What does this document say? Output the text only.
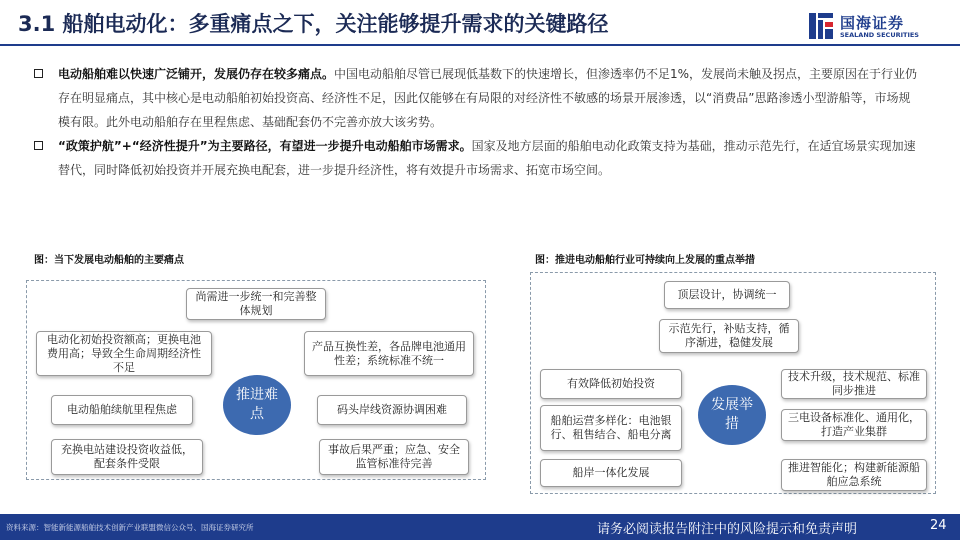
3.1 船舶电动化：多重痛点之下，关注能够提升需求的关键路径	国海证券
SEALAND SECURITIES
电动船舶难以快速广泛铺开，发展仍存在较多痛点。中国电动船舶尽管已展现低基数下的快速增长，但渗透率仍不足1%，发展尚未触及拐点，主要原因在于行业仍存在明显痛点，其中核心是电动船舶初始投资高、经济性不足，因此仅能够在有局限的对经济性不敏感的场景开展渗透，以“消费品”思路渗透小型游船等，市场规模有限。此外电动船舶存在里程焦虑、基础配套仍不完善亦放大该劣势。
“政策护航”+“经济性提升”为主要路径，有望进一步提升电动船舶市场需求。国家及地方层面的船舶电动化政策支持为基础，推动示范先行，在适宜场景实现加速替代，同时降低初始投资并开展充换电配套，进一步提升经济性，将有效提升市场需求、拓宽市场空间。
图：当下发展电动船舶的主要痛点
尚需进一步统一和完善整体规划
电动化初始投资额高；更换电池费用高；导致全生命周期经济性不足
产品互换性差，各品牌电池通用性差；系统标准不统一
电动船舶续航里程焦虑	码头岸线资源协调困难
充换电站建设投资收益低，配套条件受限
事故后果严重；应急、安全监管标准待完善
推进难点
图：推进电动船舶行业可持续向上发展的重点举措
顶层设计，协调统一
示范先行，补贴支持，循序渐进，稳健发展
有效降低初始投资
技术升级，技术规范、标准同步推进
船舶运营多样化：电池银行、租售结合、船电分离
三电设备标准化、通用化，打造产业集群
船岸一体化发展	推进智能化；构建新能源船舶应急系统
发展举措
资料来源：智能新能源船舶技术创新产业联盟微信公众号、国海证券研究所	请务必阅读报告附注中的风险提示和免责声明	24
